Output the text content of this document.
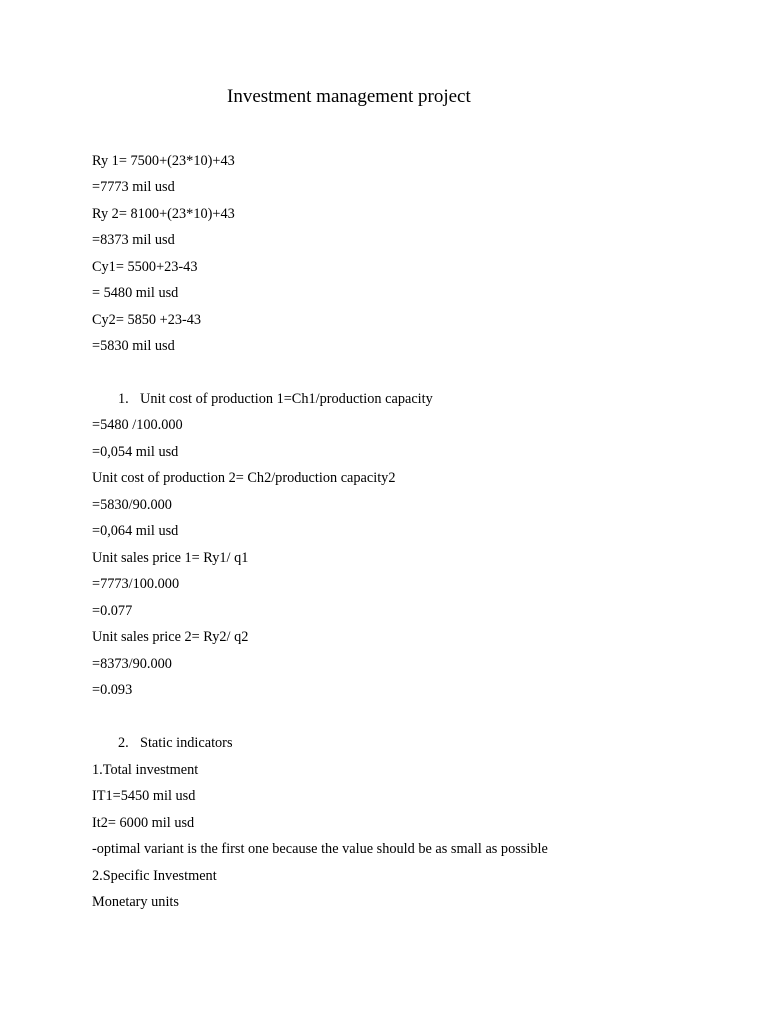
Investment management project

Ry 1= 7500+(23*10)+43

=7773 mil usd

Ry 2= 8100+(23*10)+43

=8373 mil usd

Cy1= 5500+23-43

= 5480 mil usd

Cy2= 5850 +23-43

=5830 mil usd

1. Unit cost of production 1=Ch1/production capacity

=5480 /100.000

=0,054 mil usd

Unit cost of production 2= Ch2/production capacity2

=5830/90.000

=0,064 mil usd

Unit sales price 1= Ry1/ q1

=7773/100.000

=0.077

Unit sales price 2= Ry2/ q2

=8373/90.000

=0.093

2. Static indicators

1.Total investment

IT1=5450 mil usd

It2= 6000 mil usd

-optimal variant is the first one because the value should be as small as possible

2.Specific Investment

Monetary units
